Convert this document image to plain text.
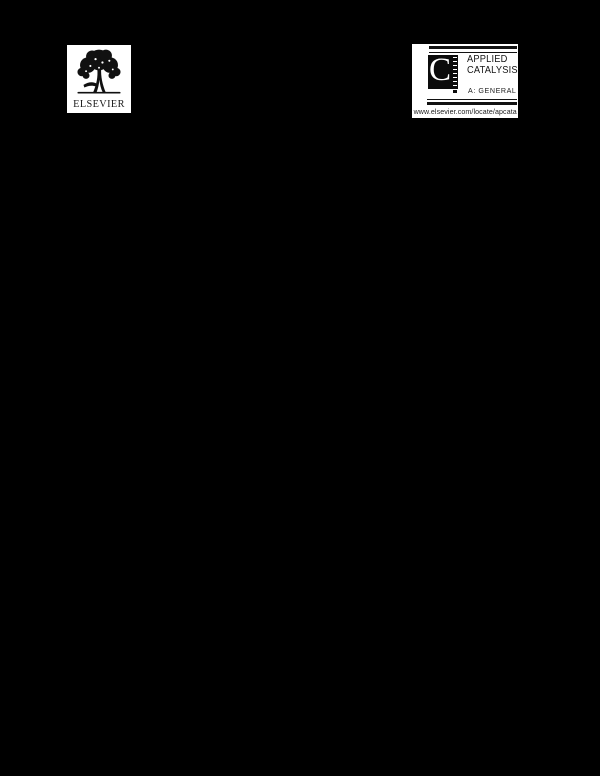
ELSEVIER
C APPLIED
CATALYSIS
A: GENERAL
www.elsevier.com/locate/apcata
